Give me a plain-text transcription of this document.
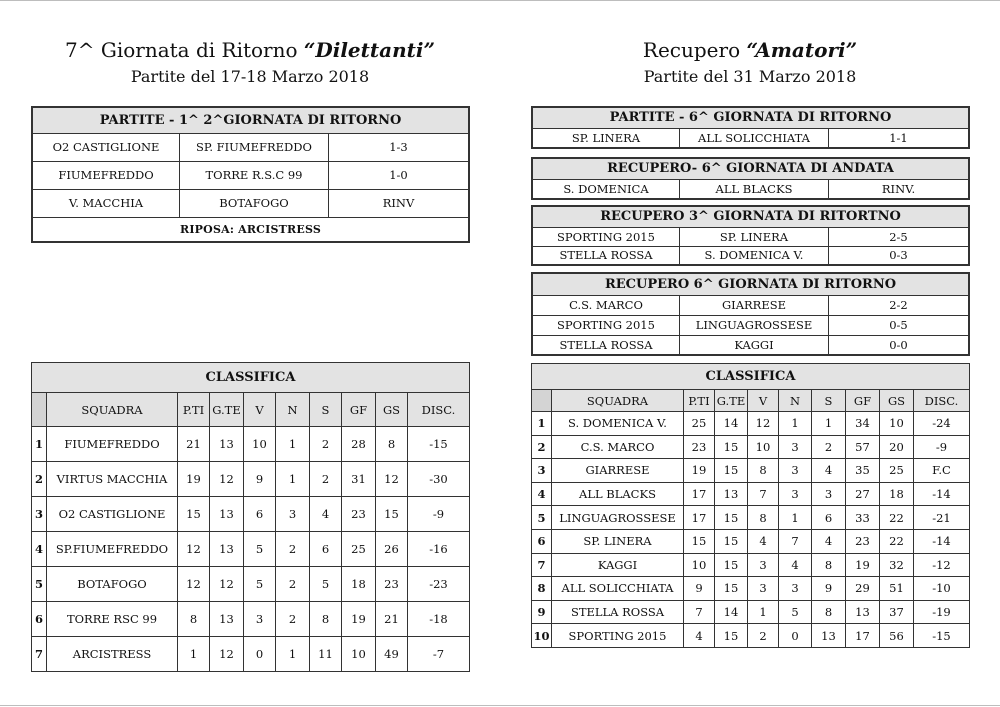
7^ Giornata di Ritorno “Dilettanti”
Partite del 17-18 Marzo 2018
Recupero “Amatori”
Partite del 31 Marzo 2018
PARTITE - 1^ 2^GIORNATA DI RITORNO		
O2 CASTIGLIONE	SP. FIUMEFREDDO	1-3
FIUMEFREDDO	TORRE R.S.C 99	1-0
V. MACCHIA	BOTAFOGO	RINV
RIPOSA: ARCISTRESS		
CLASSIFICA									
	SQUADRA	P.TI	G.TE	V	N	S	GF	GS	DISC.
1	FIUMEFREDDO	21	13	10	1	2	28	8	-15
2	VIRTUS MACCHIA	19	12	9	1	2	31	12	-30
3	O2 CASTIGLIONE	15	13	6	3	4	23	15	-9
4	SP.FIUMEFREDDO	12	13	5	2	6	25	26	-16
5	BOTAFOGO	12	12	5	2	5	18	23	-23
6	TORRE RSC 99	8	13	3	2	8	19	21	-18
7	ARCISTRESS	1	12	0	1	11	10	49	-7
PARTITE - 6^ GIORNATA DI RITORNO
SP. LINERA	ALL SOLICCHIATA	1-1
RECUPERO- 6^ GIORNATA DI ANDATA
S. DOMENICA	ALL BLACKS	RINV.
RECUPERO 3^ GIORNATA DI RITORTNO		
SPORTING 2015	SP. LINERA	2-5
STELLA ROSSA	S. DOMENICA V.	0-3
RECUPERO 6^ GIORNATA DI RITORNO		
C.S. MARCO	GIARRESE	2-2
SPORTING 2015	LINGUAGROSSESE	0-5
STELLA ROSSA	KAGGI	0-0
CLASSIFICA									
	SQUADRA	P.TI	G.TE	V	N	S	GF	GS	DISC.
1	S. DOMENICA V.	25	14	12	1	1	34	10	-24
2	C.S. MARCO	23	15	10	3	2	57	20	-9
3	GIARRESE	19	15	8	3	4	35	25	F.C
4	ALL BLACKS	17	13	7	3	3	27	18	-14
5	LINGUAGROSSESE	17	15	8	1	6	33	22	-21
6	SP. LINERA	15	15	4	7	4	23	22	-14
7	KAGGI	10	15	3	4	8	19	32	-12
8	ALL SOLICCHIATA	9	15	3	3	9	29	51	-10
9	STELLA ROSSA	7	14	1	5	8	13	37	-19
10	SPORTING 2015	4	15	2	0	13	17	56	-15
